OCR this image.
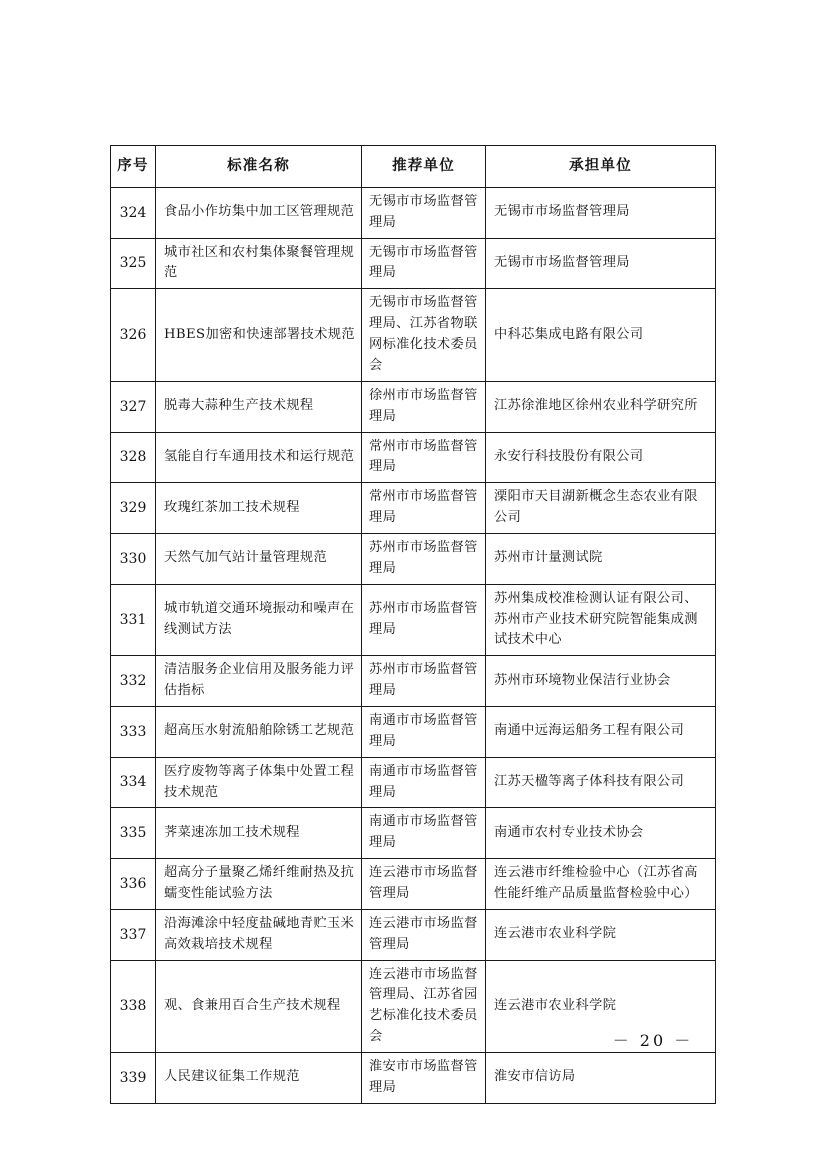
序号	标准名称	推荐单位	承担单位
324	食品小作坊集中加工区管理规范	无锡市市场监督管理局	无锡市市场监督管理局
325	城市社区和农村集体聚餐管理规范	无锡市市场监督管理局	无锡市市场监督管理局
326	HBES加密和快速部署技术规范	无锡市市场监督管理局、江苏省物联网标准化技术委员会	中科芯集成电路有限公司
327	脱毒大蒜种生产技术规程	徐州市市场监督管理局	江苏徐淮地区徐州农业科学研究所
328	氢能自行车通用技术和运行规范	常州市市场监督管理局	永安行科技股份有限公司
329	玫瑰红茶加工技术规程	常州市市场监督管理局	溧阳市天目湖新概念生态农业有限公司
330	天然气加气站计量管理规范	苏州市市场监督管理局	苏州市计量测试院
331	城市轨道交通环境振动和噪声在线测试方法	苏州市市场监督管理局	苏州集成校准检测认证有限公司、苏州市产业技术研究院智能集成测试技术中心
332	清洁服务企业信用及服务能力评估指标	苏州市市场监督管理局	苏州市环境物业保洁行业协会
333	超高压水射流船舶除锈工艺规范	南通市市场监督管理局	南通中远海运船务工程有限公司
334	医疗废物等离子体集中处置工程技术规范	南通市市场监督管理局	江苏天楹等离子体科技有限公司
335	荠菜速冻加工技术规程	南通市市场监督管理局	南通市农村专业技术协会
336	超高分子量聚乙烯纤维耐热及抗蠕变性能试验方法	连云港市市场监督管理局	连云港市纤维检验中心（江苏省高性能纤维产品质量监督检验中心）
337	沿海滩涂中轻度盐碱地青贮玉米高效栽培技术规程	连云港市市场监督管理局	连云港市农业科学院
338	观、食兼用百合生产技术规程	连云港市市场监督管理局、江苏省园艺标准化技术委员会	连云港市农业科学院
339	人民建议征集工作规范	淮安市市场监督管理局	淮安市信访局
－ 20 －
